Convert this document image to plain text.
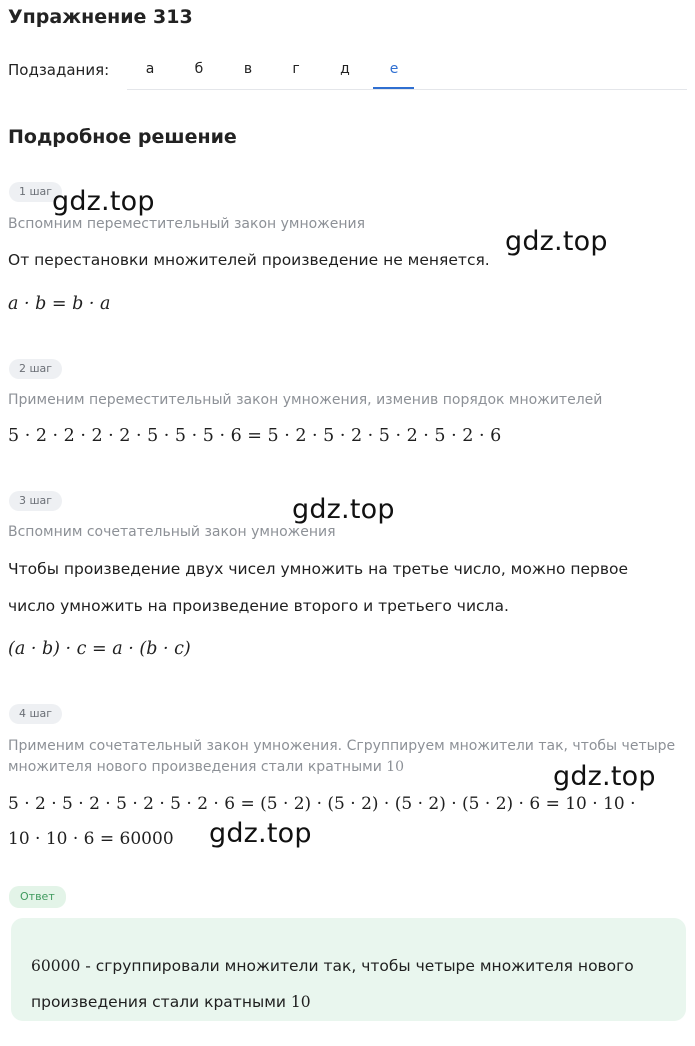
Упражнение 313
Подзадания:	а	б	в	г	д	е
Подробное решение
1 шаг
Вспомним переместительный закон умножения
От перестановки множителей произведение не меняется.
a · b = b · a
2 шаг
Применим переместительный закон умножения, изменив порядок множителей
5 · 2 · 2 · 2 · 2 · 5 · 5 · 5 · 6 = 5 · 2 · 5 · 2 · 5 · 2 · 5 · 2 · 6
3 шаг
Вспомним сочетательный закон умножения
Чтобы произведение двух чисел умножить на третье число, можно первое
число умножить на произведение второго и третьего числа.
(a · b) · c = a · (b · c)
4 шаг
Применим сочетательный закон умножения. Сгруппируем множители так, чтобы четыре
множителя нового произведения стали кратными 10
5 · 2 · 5 · 2 · 5 · 2 · 5 · 2 · 6 = (5 · 2) · (5 · 2) · (5 · 2) · (5 · 2) · 6 = 10 · 10 ·
10 · 10 · 6 = 60000
Ответ
60000 - сгруппировали множители так, чтобы четыре множителя нового
произведения стали кратными 10
gdz.top
gdz.top
gdz.top
gdz.top
gdz.top
